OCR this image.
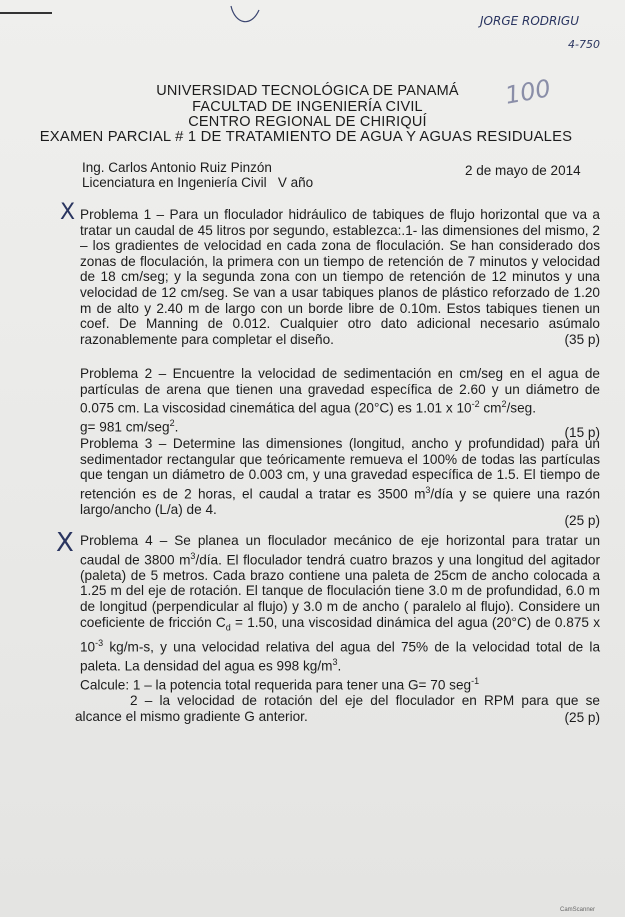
JORGE RODRIGU
4-750
100
UNIVERSIDAD TECNOLÓGICA DE PANAMÁ
FACULTAD DE INGENIERÍA CIVIL
CENTRO REGIONAL DE CHIRIQUÍ
EXAMEN PARCIAL # 1 DE TRATAMIENTO DE AGUA Y AGUAS RESIDUALES
Ing. Carlos Antonio Ruiz Pinzón	2 de mayo de 2014
Licenciatura en Ingeniería Civil V año
X
X

Problema 1 – Para un floculador hidráulico de tabiques de flujo horizontal que va a tratar un caudal de 45 litros por segundo, establezca:.1- las dimensiones del mismo, 2 – los gradientes de velocidad en cada zona de floculación. Se han considerado dos zonas de floculación, la primera con un tiempo de retención de 7 minutos y velocidad de 18 cm/seg; y la segunda zona con un tiempo de retención de 12 minutos y una velocidad de 12 cm/seg. Se van a usar tabiques planos de plástico reforzado de 1.20 m de alto y 2.40 m de largo con un borde libre de 0.10m. Estos tabiques tienen un coef. De Manning de 0.012. Cualquier otro dato adicional necesario asúmalo razonablemente para completar el diseño.	(35 p)

Problema 2 – Encuentre la velocidad de sedimentación en cm/seg en el agua de partículas de arena que tienen una gravedad específica de 2.60 y un diámetro de 0.075 cm. La viscosidad cinemática del agua (20°C) es 1.01 x $10^{-2}$ $cm^2$/seg.
g= 981 cm/seg$^2$.	(15 p)

Problema 3 – Determine las dimensiones (longitud, ancho y profundidad) para un sedimentador rectangular que teóricamente remueva el 100% de todas las partículas que tengan un diámetro de 0.003 cm, y una gravedad específica de 1.5. El tiempo de retención es de 2 horas, el caudal a tratar es 3500 $m^3$/día y se quiere una razón largo/ancho (L/a) de 4.

(25 p)

Problema 4 – Se planea un floculador mecánico de eje horizontal para tratar un caudal de 3800 $m^3$/día. El floculador tendrá cuatro brazos y una longitud del agitador (paleta) de 5 metros. Cada brazo contiene una paleta de 25cm de ancho colocada a 1.25 m del eje de rotación. El tanque de floculación tiene 3.0 m de profundidad, 6.0 m de longitud (perpendicular al flujo) y 3.0 m de ancho ( paralelo al flujo). Considere un coeficiente de fricción $C_d = 1.50$, una viscosidad dinámica del agua (20°C) de 0.875 x $10^{-3}$ kg/m-s, y una velocidad relativa del agua del 75% de la velocidad total de la paleta. La densidad del agua es 998 $kg/m^3$.

Calcule: 1 – la potencia total requerida para tener una G= 70 seg$^{-1}$

2 – la velocidad de rotación del eje del floculador en RPM para que se alcance el mismo gradiente G anterior.	(25 p)
CamScanner
